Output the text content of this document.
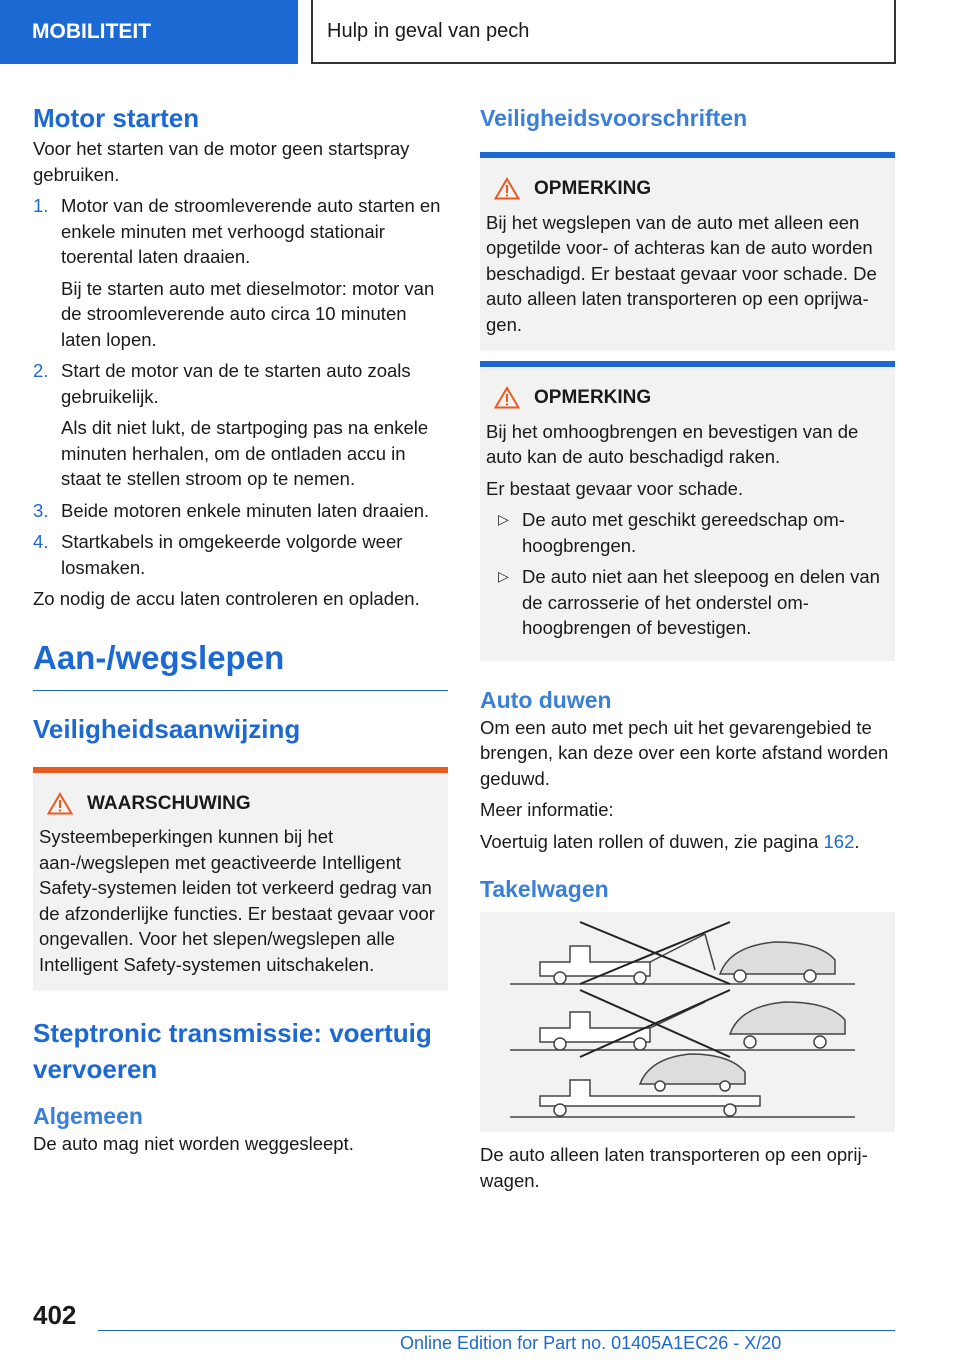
MOBILITEIT	Hulp in geval van pech
Motor starten

Voor het starten van de motor geen startspray gebruiken.

1. Motor van de stroomleverende auto starten en enkele minuten met verhoogd stationair toerental laten draaien.
Bij te starten auto met dieselmotor: motor van de stroomleverende auto circa 10 minuten laten lopen.
2. Start de motor van de te starten auto zoals gebruikelijk.
Als dit niet lukt, de startpoging pas na enkele minuten herhalen, om de ontladen accu in staat te stellen stroom op te nemen.
3. Beide motoren enkele minuten laten draaien.
4. Startkabels in omgekeerde volgorde weer losmaken.

Zo nodig de accu laten controleren en opladen.

Aan-/wegslepen
Veiligheidsaanwijzing
WAARSCHUWING
Systeembeperkingen kunnen bij het aan-/wegslepen met geactiveerde Intelligent Safety-systemen leiden tot verkeerd gedrag van de afzonderlijke functies. Er bestaat gevaar voor ongevallen. Voor het slepen/wegslepen alle Intelligent Safety-systemen uitschakelen.
Steptronic transmissie: voertuig vervoeren
Algemeen

De auto mag niet worden weggesleept.

Veiligheidsvoorschriften
OPMERKING
Bij het wegslepen van de auto met alleen een opgetilde voor- of achteras kan de auto worden beschadigd. Er bestaat gevaar voor schade. De auto alleen laten transporteren op een oprijwagen.
OPMERKING

Bij het omhoogbrengen en bevestigen van de auto kan de auto beschadigd raken.

Er bestaat gevaar voor schade.

▷ De auto met geschikt gereedschap omhoogbrengen.
▷ De auto niet aan het sleepoog en delen van de carrosserie of het onderstel omhoogbrengen of bevestigen.
Auto duwen

Om een auto met pech uit het gevarengebied te brengen, kan deze over een korte afstand worden geduwd.

Meer informatie:

Voertuig laten rollen of duwen, zie pagina 162.

Takelwagen

De auto alleen laten transporteren op een oprijwagen.

402
Online Edition for Part no. 01405A1EC26 - X/20
